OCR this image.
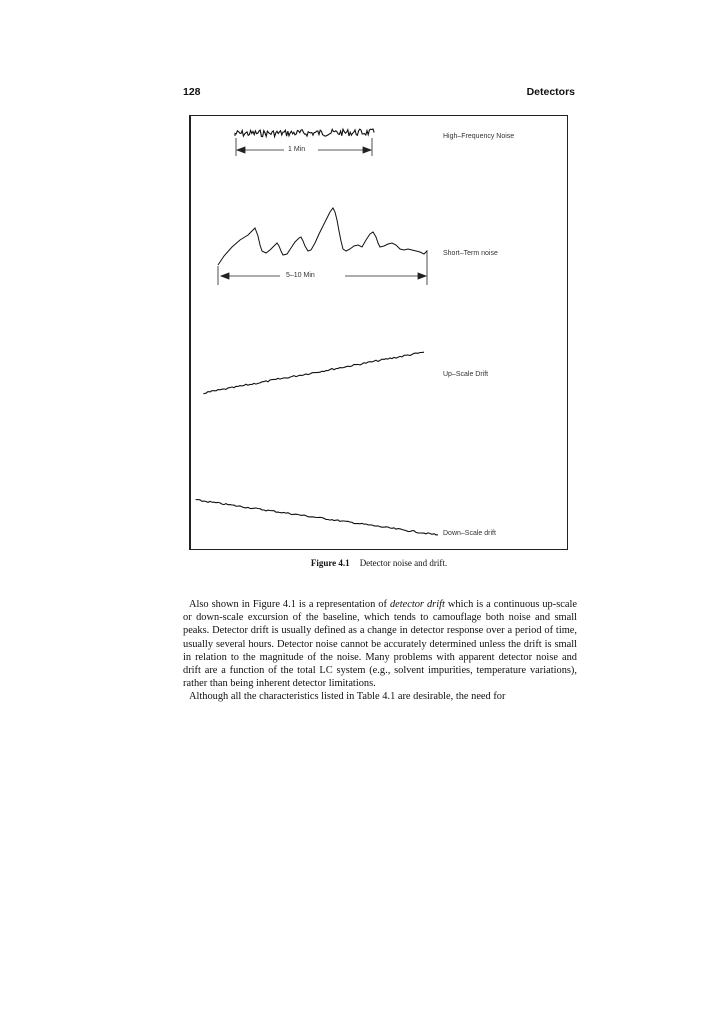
128	Detectors
High–Frequency Noise
1 Min
Short–Term noise
5–10 Min
Up–Scale Drift
Down–Scale drift
Figure 4.1 Detector noise and drift.

Also shown in Figure 4.1 is a representation of detector drift which is a continuous up-scale or down-scale excursion of the baseline, which tends to camouflage both noise and small peaks. Detector drift is usually defined as a change in detector response over a period of time, usually several hours. Detector noise cannot be accurately determined unless the drift is small in relation to the magnitude of the noise. Many problems with apparent detector noise and drift are a function of the total LC system (e.g., solvent impurities, temperature variations), rather than being inherent detector limitations.

Although all the characteristics listed in Table 4.1 are desirable, the need for
